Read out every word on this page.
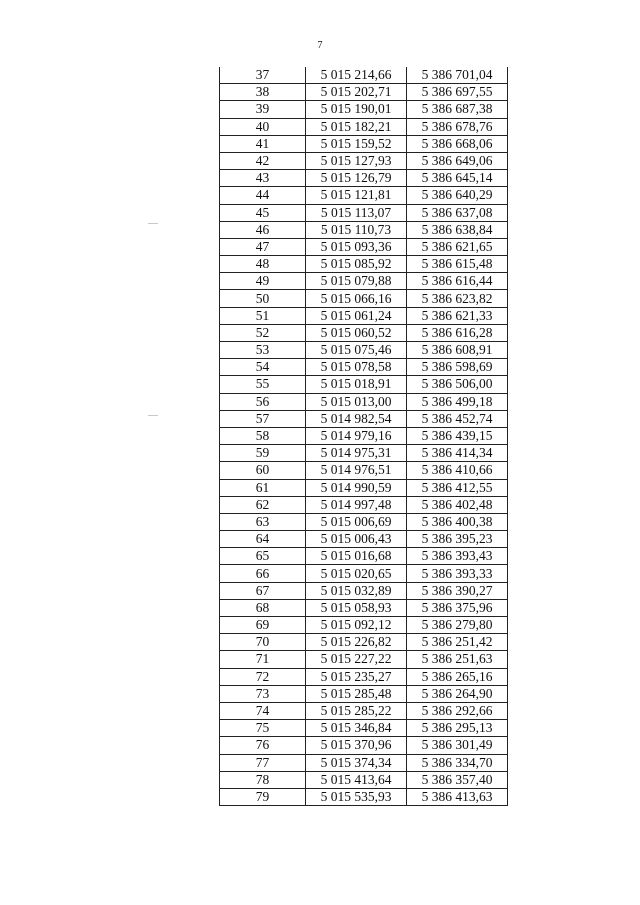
7
37	5 015 214,66	5 386 701,04
38	5 015 202,71	5 386 697,55
39	5 015 190,01	5 386 687,38
40	5 015 182,21	5 386 678,76
41	5 015 159,52	5 386 668,06
42	5 015 127,93	5 386 649,06
43	5 015 126,79	5 386 645,14
44	5 015 121,81	5 386 640,29
45	5 015 113,07	5 386 637,08
46	5 015 110,73	5 386 638,84
47	5 015 093,36	5 386 621,65
48	5 015 085,92	5 386 615,48
49	5 015 079,88	5 386 616,44
50	5 015 066,16	5 386 623,82
51	5 015 061,24	5 386 621,33
52	5 015 060,52	5 386 616,28
53	5 015 075,46	5 386 608,91
54	5 015 078,58	5 386 598,69
55	5 015 018,91	5 386 506,00
56	5 015 013,00	5 386 499,18
57	5 014 982,54	5 386 452,74
58	5 014 979,16	5 386 439,15
59	5 014 975,31	5 386 414,34
60	5 014 976,51	5 386 410,66
61	5 014 990,59	5 386 412,55
62	5 014 997,48	5 386 402,48
63	5 015 006,69	5 386 400,38
64	5 015 006,43	5 386 395,23
65	5 015 016,68	5 386 393,43
66	5 015 020,65	5 386 393,33
67	5 015 032,89	5 386 390,27
68	5 015 058,93	5 386 375,96
69	5 015 092,12	5 386 279,80
70	5 015 226,82	5 386 251,42
71	5 015 227,22	5 386 251,63
72	5 015 235,27	5 386 265,16
73	5 015 285,48	5 386 264,90
74	5 015 285,22	5 386 292,66
75	5 015 346,84	5 386 295,13
76	5 015 370,96	5 386 301,49
77	5 015 374,34	5 386 334,70
78	5 015 413,64	5 386 357,40
79	5 015 535,93	5 386 413,63
